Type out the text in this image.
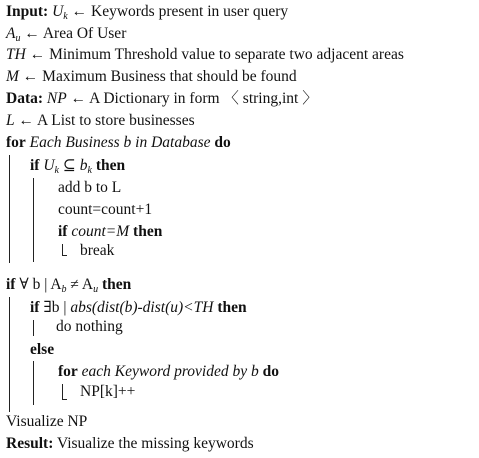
Input: $U_k$ ← Keywords present in user query
$A_u$ ← Area Of User
TH ← Minimum Threshold value to separate two adjacent areas
M ← Maximum Business that should be found
Data: NP ← A Dictionary in form 〈 string,int 〉
L ← A List to store businesses
for Each Business b in Database do
if $U_k$ ⊆ $b_k$ then
add b to L
count=count+1
if count=M then
break
if ∀ b | $A_b \ne A_u$ then
if ∃b | abs(dist(b)-dist(u)<TH then
do nothing
else
for each Keyword provided by b do
NP[k]++
Visualize NP
Result: Visualize the missing keywords
